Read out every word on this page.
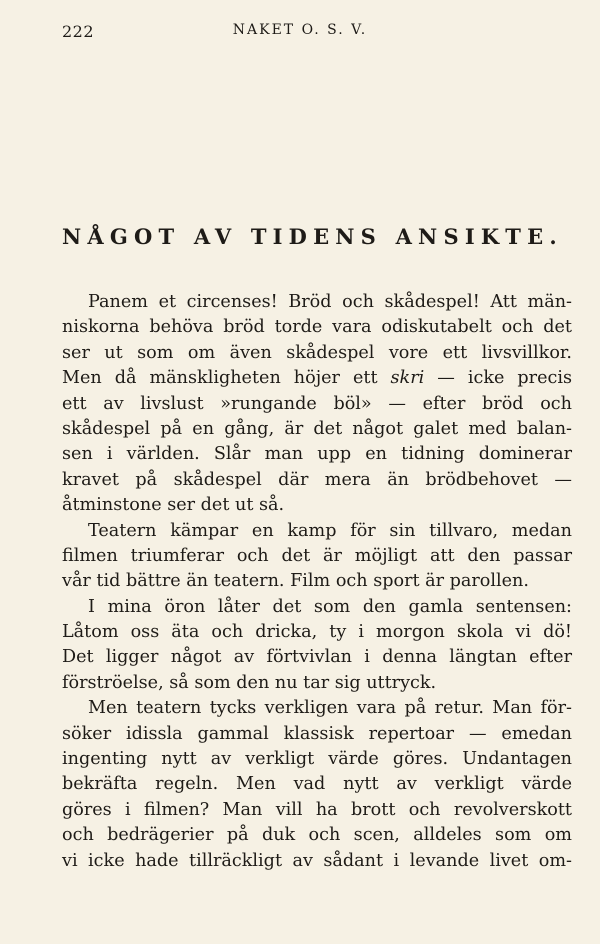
222	NAKET O. S. V.
NÅGOT AV TIDENS ANSIKTE.
Panem et circenses! Bröd och skådespel! Att män-
niskorna behöva bröd torde vara odiskutabelt och det
ser ut som om även skådespel vore ett livsvillkor.
Men då mänskligheten höjer ett skri — icke precis
ett av livslust »rungande böl» — efter bröd och
skådespel på en gång, är det något galet med balan-
sen i världen. Slår man upp en tidning dominerar
kravet på skådespel där mera än brödbehovet —
åtminstone ser det ut så.
Teatern kämpar en kamp för sin tillvaro, medan
filmen triumferar och det är möjligt att den passar
vår tid bättre än teatern. Film och sport är parollen.
I mina öron låter det som den gamla sentensen:
Låtom oss äta och dricka, ty i morgon skola vi dö!
Det ligger något av förtvivlan i denna längtan efter
förströelse, så som den nu tar sig uttryck.
Men teatern tycks verkligen vara på retur. Man för-
söker idissla gammal klassisk repertoar — emedan
ingenting nytt av verkligt värde göres. Undantagen
bekräfta regeln. Men vad nytt av verkligt värde
göres i filmen? Man vill ha brott och revolverskott
och bedrägerier på duk och scen, alldeles som om
vi icke hade tillräckligt av sådant i levande livet om-
